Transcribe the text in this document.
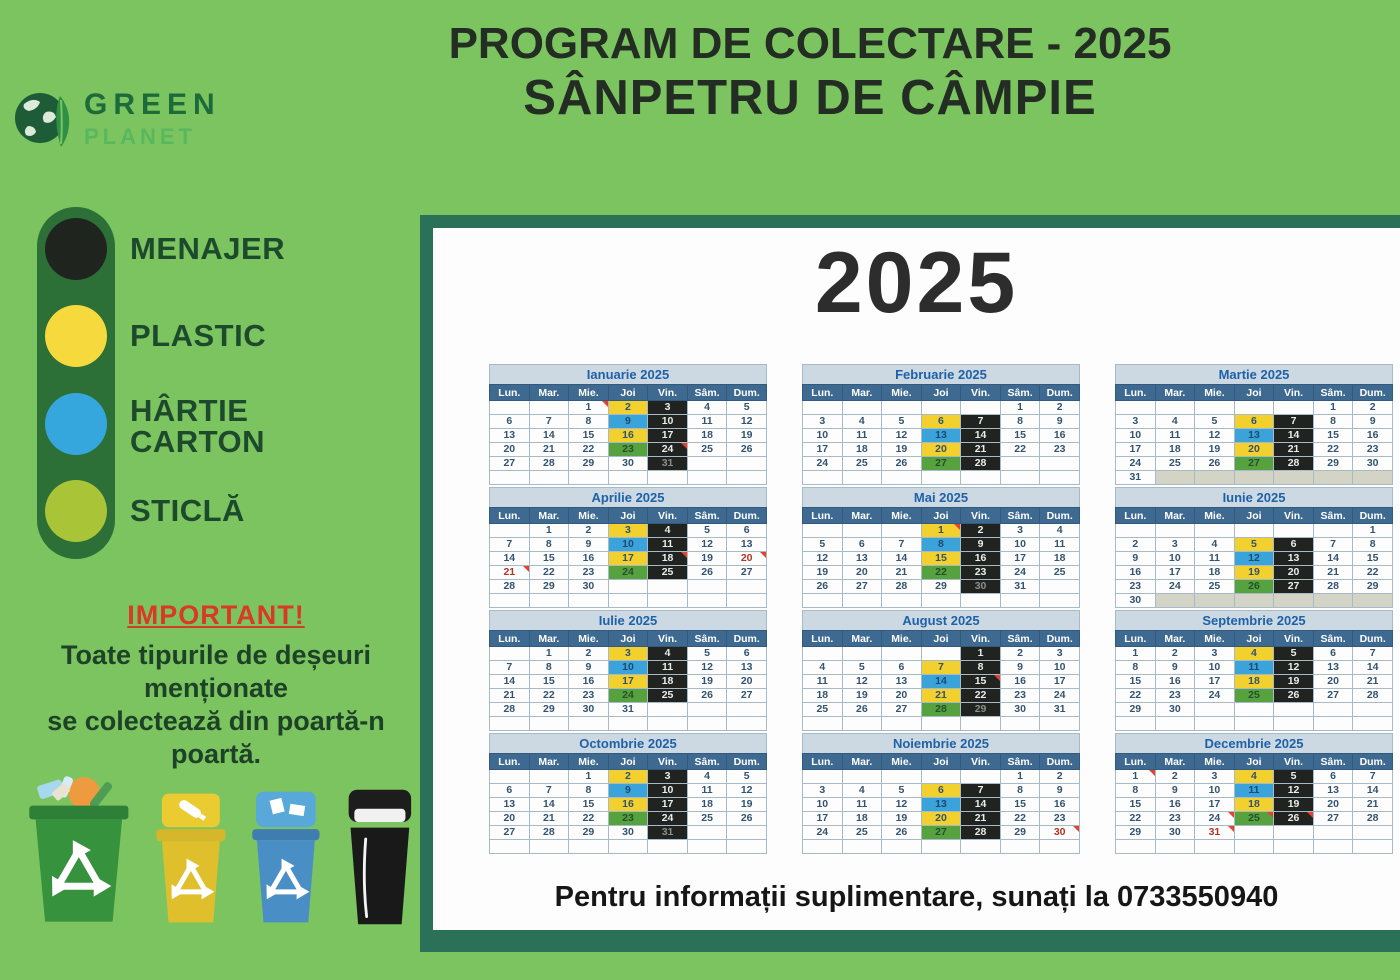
PROGRAM DE COLECTARE - 2025
SÂNPETRU DE CÂMPIE
GREEN
PLANET
MENAJER
PLASTIC
HÂRTIE
CARTON
STICLĂ
IMPORTANT!
Toate tipurile de deșeuri menționate
se colectează din poartă-n poartă.
2025
Ianuarie 2025
Lun.	Mar.	Mie.	Joi	Vin.	Sâm.	Dum.
		1	2	3	4	5
6	7	8	9	10	11	12
13	14	15	16	17	18	19
20	21	22	23	24	25	26
27	28	29	30	31		

Februarie 2025
Lun.	Mar.	Mie.	Joi	Vin.	Sâm.	Dum.
					1	2
3	4	5	6	7	8	9
10	11	12	13	14	15	16
17	18	19	20	21	22	23
24	25	26	27	28		

Martie 2025
Lun.	Mar.	Mie.	Joi	Vin.	Sâm.	Dum.
					1	2
3	4	5	6	7	8	9
10	11	12	13	14	15	16
17	18	19	20	21	22	23
24	25	26	27	28	29	30
31						
Aprilie 2025
Lun.	Mar.	Mie.	Joi	Vin.	Sâm.	Dum.
	1	2	3	4	5	6
7	8	9	10	11	12	13
14	15	16	17	18	19	20
21	22	23	24	25	26	27
28	29	30				

Mai 2025
Lun.	Mar.	Mie.	Joi	Vin.	Sâm.	Dum.
			1	2	3	4
5	6	7	8	9	10	11
12	13	14	15	16	17	18
19	20	21	22	23	24	25
26	27	28	29	30	31	

Iunie 2025
Lun.	Mar.	Mie.	Joi	Vin.	Sâm.	Dum.
						1
2	3	4	5	6	7	8
9	10	11	12	13	14	15
16	17	18	19	20	21	22
23	24	25	26	27	28	29
30						
Iulie 2025
Lun.	Mar.	Mie.	Joi	Vin.	Sâm.	Dum.
	1	2	3	4	5	6
7	8	9	10	11	12	13
14	15	16	17	18	19	20
21	22	23	24	25	26	27
28	29	30	31			

August 2025
Lun.	Mar.	Mie.	Joi	Vin.	Sâm.	Dum.
				1	2	3
4	5	6	7	8	9	10
11	12	13	14	15	16	17
18	19	20	21	22	23	24
25	26	27	28	29	30	31

Septembrie 2025
Lun.	Mar.	Mie.	Joi	Vin.	Sâm.	Dum.
1	2	3	4	5	6	7
8	9	10	11	12	13	14
15	16	17	18	19	20	21
22	23	24	25	26	27	28
29	30					

Octombrie 2025
Lun.	Mar.	Mie.	Joi	Vin.	Sâm.	Dum.
		1	2	3	4	5
6	7	8	9	10	11	12
13	14	15	16	17	18	19
20	21	22	23	24	25	26
27	28	29	30	31		

Noiembrie 2025
Lun.	Mar.	Mie.	Joi	Vin.	Sâm.	Dum.
					1	2
3	4	5	6	7	8	9
10	11	12	13	14	15	16
17	18	19	20	21	22	23
24	25	26	27	28	29	30

Decembrie 2025
Lun.	Mar.	Mie.	Joi	Vin.	Sâm.	Dum.
1	2	3	4	5	6	7
8	9	10	11	12	13	14
15	16	17	18	19	20	21
22	23	24	25	26	27	28
29	30	31				

Pentru informații suplimentare, sunați la 0733550940
